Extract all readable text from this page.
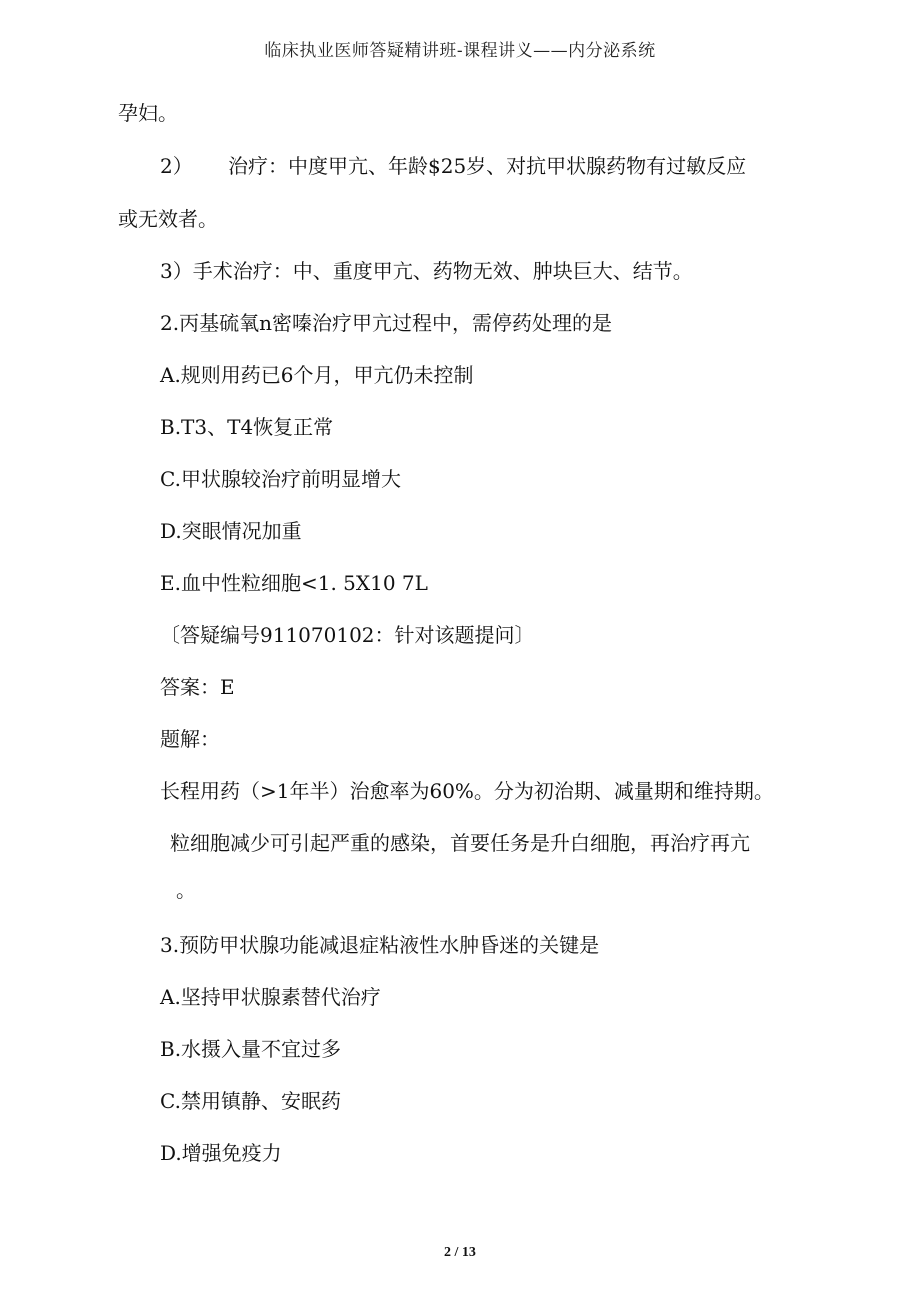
临床执业医师答疑精讲班-课程讲义——内分泌系统
孕妇。
2） 治疗：中度甲亢、年龄$25岁、对抗甲状腺药物有过敏反应
或无效者。
3）手术治疗：中、重度甲亢、药物无效、肿块巨大、结节。
2.丙基硫氧n密嗪治疗甲亢过程中，需停药处理的是
A.规则用药已6个月，甲亢仍未控制
B.T3、T4恢复正常
C.甲状腺较治疗前明显增大
D.突眼情况加重
E.血中性粒细胞<1. 5X10 7L
〔答疑编号911070102：针对该题提问〕
答案：E
题解：
长程用药（>1年半）治愈率为60%。分为初治期、减量期和维持期。
粒细胞减少可引起严重的感染，首要任务是升白细胞，再治疗再亢
。
3.预防甲状腺功能减退症粘液性水肿昏迷的关键是
A.坚持甲状腺素替代治疗
B.水摄入量不宜过多
C.禁用镇静、安眠药
D.增强免疫力
2 / 13
